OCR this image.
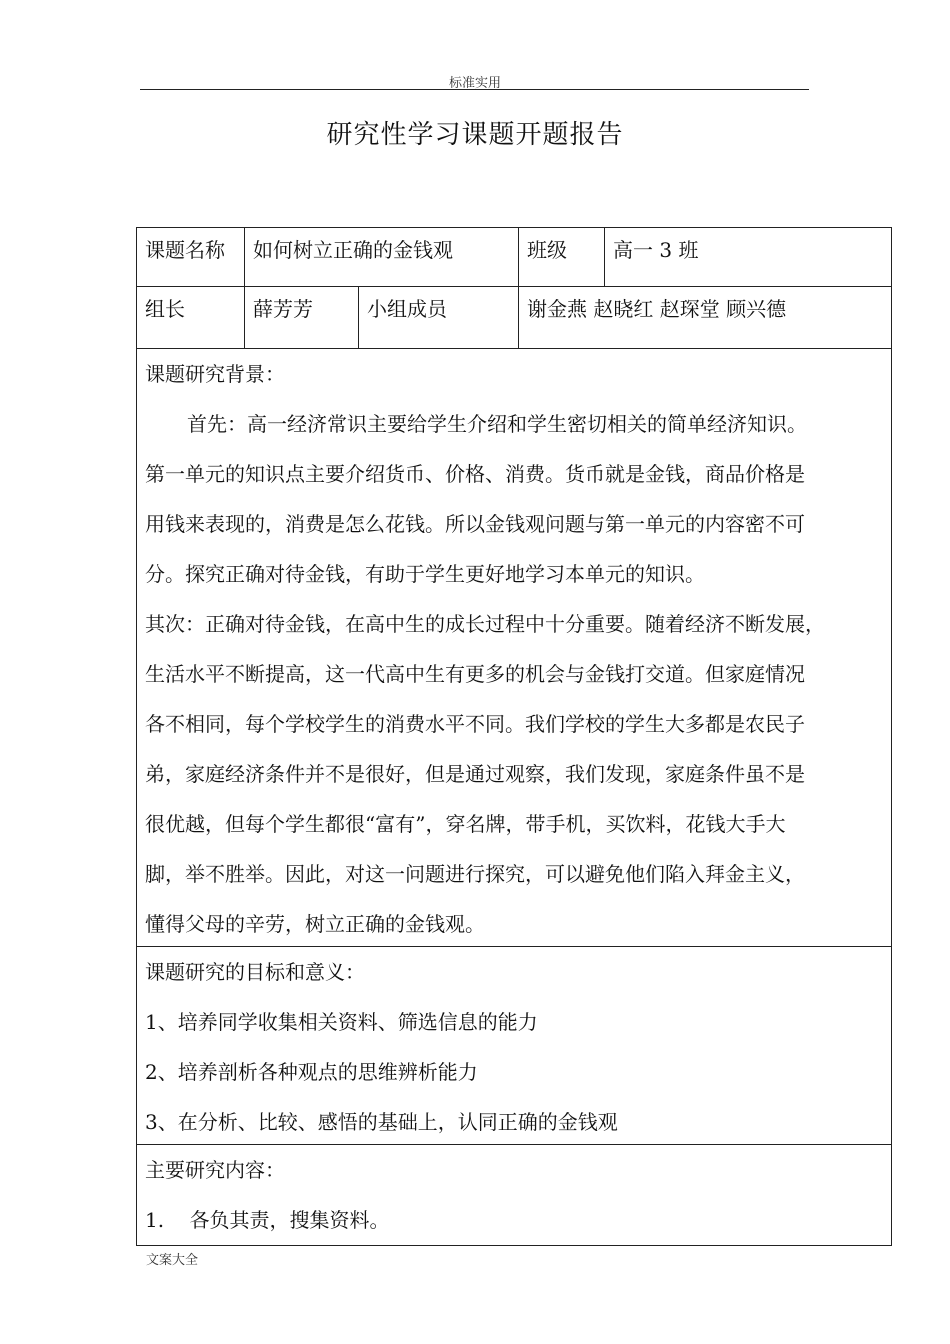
标准实用
研究性学习课题开题报告
课题名称	如何树立正确的金钱观	班级	高一 3 班
组长	薛芳芳	小组成员	谢金燕 赵晓红 赵琛堂 顾兴德
课题研究背景：
首先：高一经济常识主要给学生介绍和学生密切相关的简单经济知识。
第一单元的知识点主要介绍货币、价格、消费。货币就是金钱，商品价格是
用钱来表现的，消费是怎么花钱。所以金钱观问题与第一单元的内容密不可
分。探究正确对待金钱，有助于学生更好地学习本单元的知识。
其次：正确对待金钱，在高中生的成长过程中十分重要。随着经济不断发展，
生活水平不断提高，这一代高中生有更多的机会与金钱打交道。但家庭情况
各不相同，每个学校学生的消费水平不同。我们学校的学生大多都是农民子
弟，家庭经济条件并不是很好，但是通过观察，我们发现，家庭条件虽不是
很优越，但每个学生都很“富有”，穿名牌，带手机，买饮料，花钱大手大
脚，举不胜举。因此，对这一问题进行探究，可以避免他们陷入拜金主义，
懂得父母的辛劳，树立正确的金钱观。
课题研究的目标和意义：
1、培养同学收集相关资料、筛选信息的能力
2、培养剖析各种观点的思维辨析能力
3、在分析、比较、感悟的基础上，认同正确的金钱观
主要研究内容：
1.    各负其责，搜集资料。
文案大全
